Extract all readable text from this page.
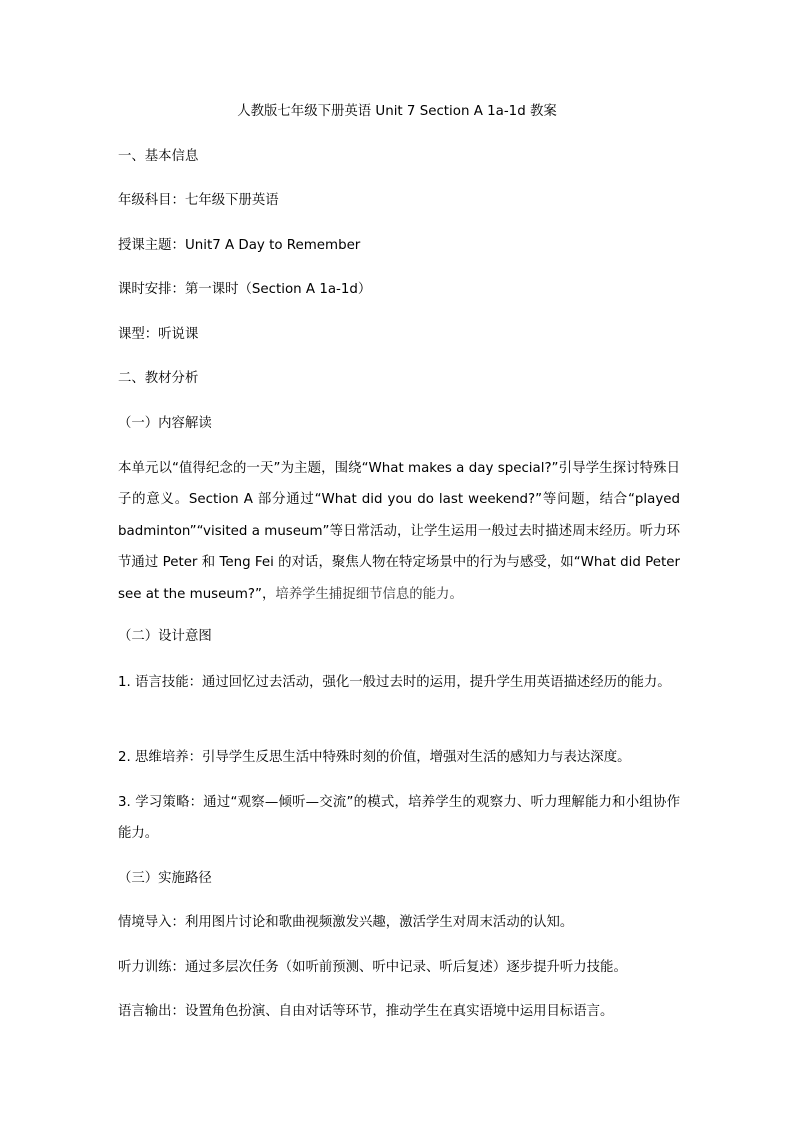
人教版七年级下册英语 Unit 7 Section A 1a-1d 教案
一、基本信息
年级科目：七年级下册英语
授课主题：Unit7 A Day to Remember
课时安排：第一课时（Section A 1a-1d）
课型：听说课
二、教材分析
（一）内容解读
本单元以“值得纪念的一天”为主题，围绕“What makes a day special?”引导学生探讨特殊日子的意义。Section A 部分通过“What did you do last weekend?”等问题，结合“played badminton”“visited a museum”等日常活动，让学生运用一般过去时描述周末经历。听力环节通过 Peter 和 Teng Fei 的对话，聚焦人物在特定场景中的行为与感受，如“What did Peter see at the museum?”，培养学生捕捉细节信息的能力。
（二）设计意图
1. 语言技能：通过回忆过去活动，强化一般过去时的运用，提升学生用英语描述经历的能力。
2. 思维培养：引导学生反思生活中特殊时刻的价值，增强对生活的感知力与表达深度。
3. 学习策略：通过“观察—倾听—交流”的模式，培养学生的观察力、听力理解能力和小组协作能力。
（三）实施路径
情境导入：利用图片讨论和歌曲视频激发兴趣，激活学生对周末活动的认知。
听力训练：通过多层次任务（如听前预测、听中记录、听后复述）逐步提升听力技能。
语言输出：设置角色扮演、自由对话等环节，推动学生在真实语境中运用目标语言。
